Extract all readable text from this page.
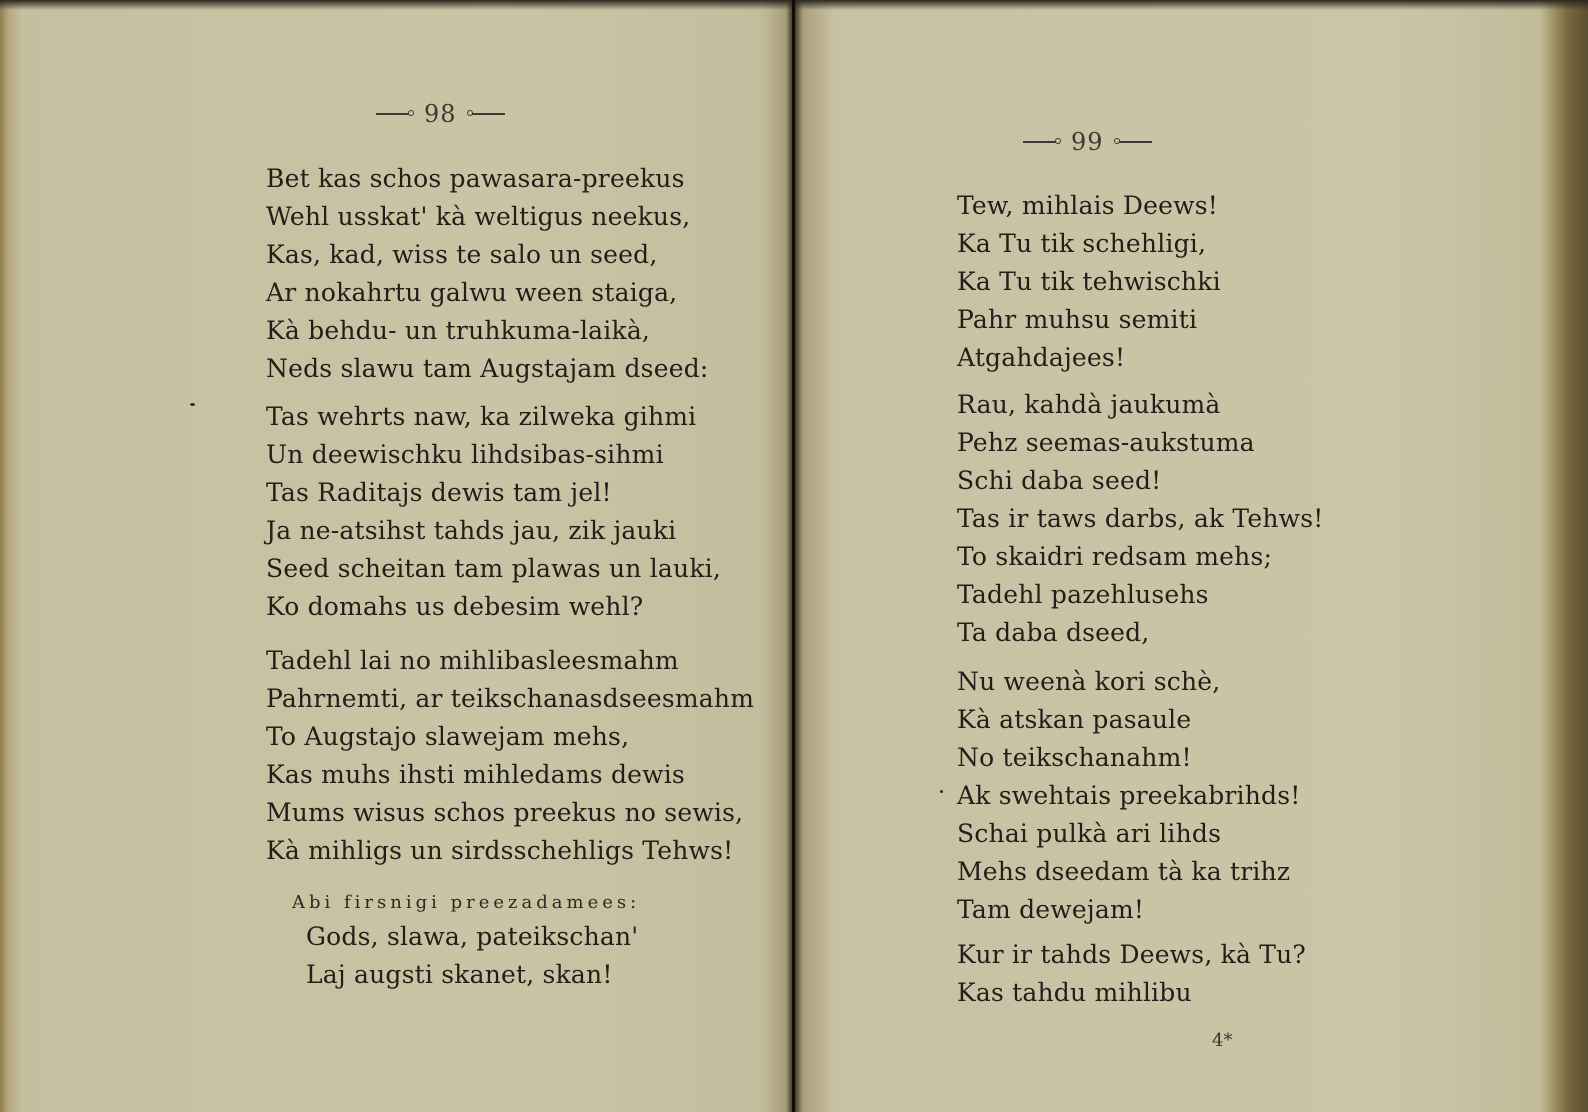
98
Bet kas schos pawasara-preekus
Wehl usskat' kà weltigus neekus,
Kas, kad, wiss te salo un seed,
Ar nokahrtu galwu ween staiga,
Kà behdu- un truhkuma-laikà,
Neds slawu tam Augstajam dseed:
Tas wehrts naw, ka zilweka gihmi
Un deewischku lihdsibas-sihmi
Tas Raditajs dewis tam jel!
Ja ne-atsihst tahds jau, zik jauki
Seed scheitan tam plawas un lauki,
Ko domahs us debesim wehl?
Tadehl lai no mihlibasleesmahm
Pahrnemti, ar teikschanasdseesmahm
To Augstajo slawejam mehs,
Kas muhs ihsti mihledams dewis
Mums wisus schos preekus no sewis,
Kà mihligs un sirdsschehligs Tehws!
Abi firsnigi preezadamees:
Gods, slawa, pateikschan'
Laj augsti skanet, skan!
99
Tew, mihlais Deews!
Ka Tu tik schehligi,
Ka Tu tik tehwischki
Pahr muhsu semiti
Atgahdajees!
Rau, kahdà jaukumà
Pehz seemas-aukstuma
Schi daba seed!
Tas ir taws darbs, ak Tehws!
To skaidri redsam mehs;
Tadehl pazehlusehs
Ta daba dseed,
Nu weenà kori schè,
Kà atskan pasaule
No teikschanahm!
Ak swehtais preekabrihds!
Schai pulkà ari lihds
Mehs dseedam tà ka trihz
Tam dewejam!
Kur ir tahds Deews, kà Tu?
Kas tahdu mihlibu
4*
